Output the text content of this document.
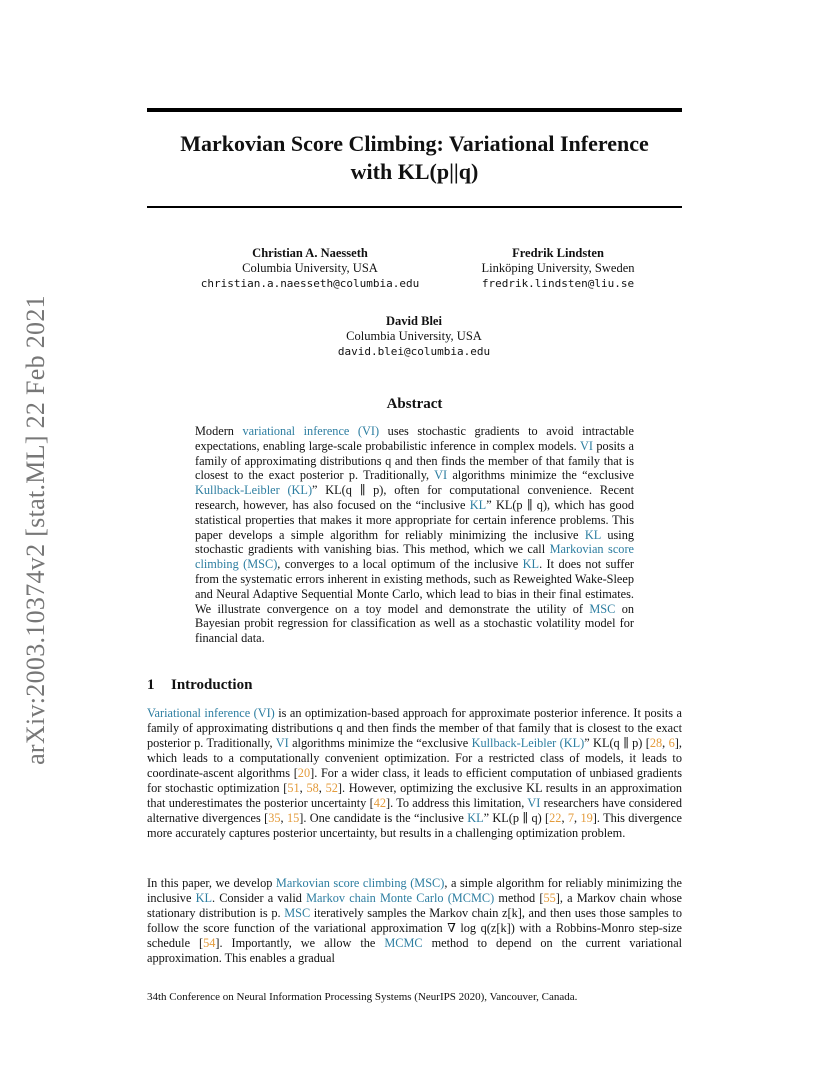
arXiv:2003.10374v2 [stat.ML] 22 Feb 2021
Markovian Score Climbing: Variational Inference
with KL(p||q)
Christian A. Naesseth
Columbia University, USA
christian.a.naesseth@columbia.edu
Fredrik Lindsten
Linköping University, Sweden
fredrik.lindsten@liu.se
David Blei
Columbia University, USA
david.blei@columbia.edu
Abstract
Modern variational inference (VI) uses stochastic gradients to avoid intractable expectations, enabling large-scale probabilistic inference in complex models. VI posits a family of approximating distributions q and then finds the member of that family that is closest to the exact posterior p. Traditionally, VI algorithms minimize the “exclusive Kullback-Leibler (KL)” KL(q ∥ p), often for computational convenience. Recent research, however, has also focused on the “inclusive KL” KL(p ∥ q), which has good statistical properties that makes it more appropriate for certain inference problems. This paper develops a simple algorithm for reliably minimizing the inclusive KL using stochastic gradients with vanishing bias. This method, which we call Markovian score climbing (MSC), converges to a local optimum of the inclusive KL. It does not suffer from the systematic errors inherent in existing methods, such as Reweighted Wake-Sleep and Neural Adaptive Sequential Monte Carlo, which lead to bias in their final estimates. We illustrate convergence on a toy model and demonstrate the utility of MSC on Bayesian probit regression for classification as well as a stochastic volatility model for financial data.
1 Introduction
Variational inference (VI) is an optimization-based approach for approximate posterior inference. It posits a family of approximating distributions q and then finds the member of that family that is closest to the exact posterior p. Traditionally, VI algorithms minimize the “exclusive Kullback-Leibler (KL)” KL(q ∥ p) [28, 6], which leads to a computationally convenient optimization. For a restricted class of models, it leads to coordinate-ascent algorithms [20]. For a wider class, it leads to efficient computation of unbiased gradients for stochastic optimization [51, 58, 52]. However, optimizing the exclusive KL results in an approximation that underestimates the posterior uncertainty [42]. To address this limitation, VI researchers have considered alternative divergences [35, 15]. One candidate is the “inclusive KL” KL(p ∥ q) [22, 7, 19]. This divergence more accurately captures posterior uncertainty, but results in a challenging optimization problem.
In this paper, we develop Markovian score climbing (MSC), a simple algorithm for reliably minimizing the inclusive KL. Consider a valid Markov chain Monte Carlo (MCMC) method [55], a Markov chain whose stationary distribution is p. MSC iteratively samples the Markov chain z[k], and then uses those samples to follow the score function of the variational approximation ∇ log q(z[k]) with a Robbins-Monro step-size schedule [54]. Importantly, we allow the MCMC method to depend on the current variational approximation. This enables a gradual
34th Conference on Neural Information Processing Systems (NeurIPS 2020), Vancouver, Canada.
